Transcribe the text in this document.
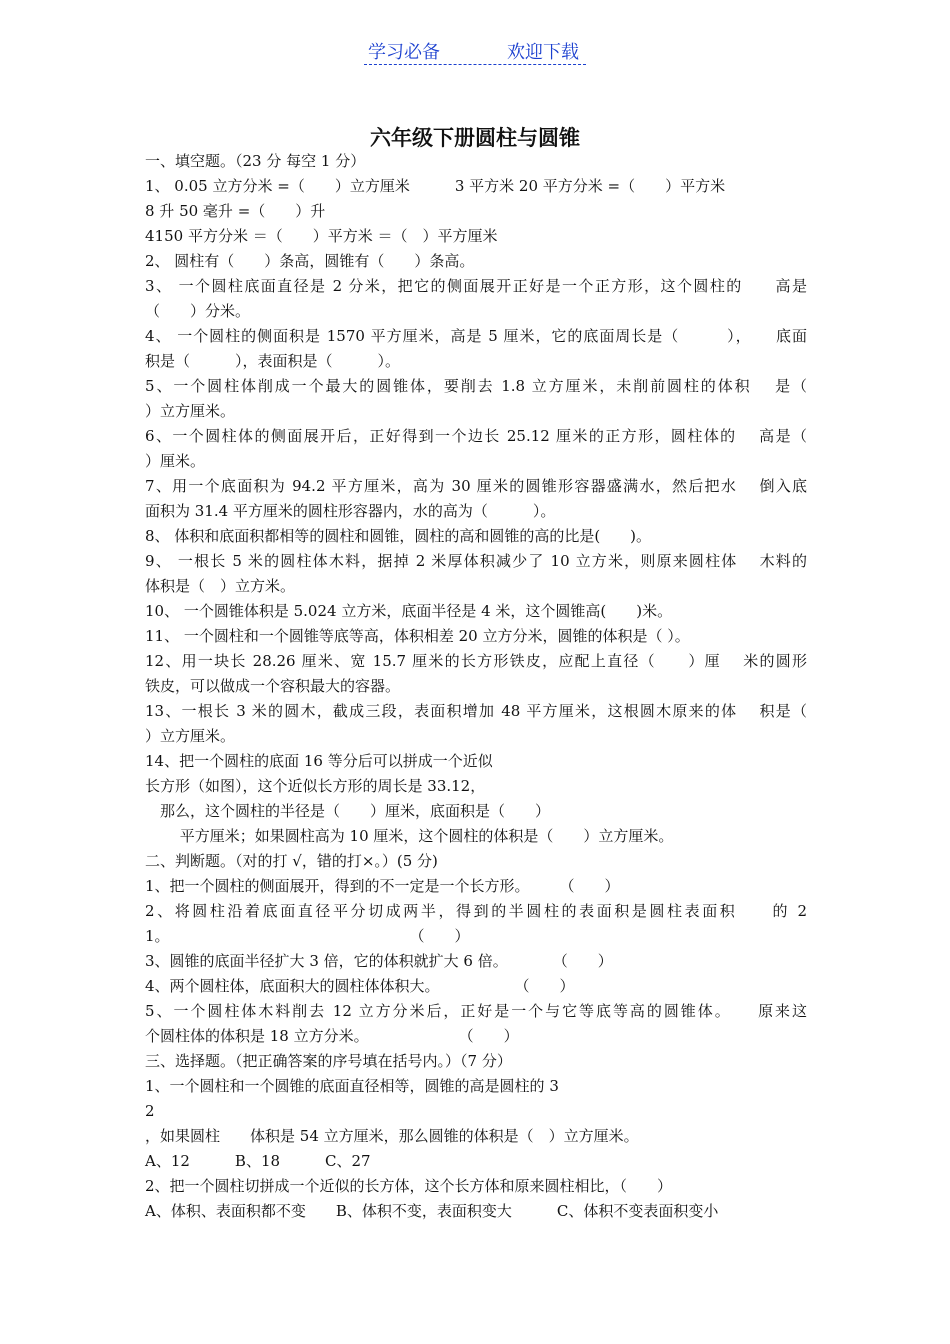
学习必备	欢迎下载
六年级下册圆柱与圆锥
一、填空题。（23 分 每空 1 分）
1、 0.05 立方分米 =（　　）立方厘米　　　3 平方米 20 平方分米 =（　　）平方米
8 升 50 毫升 =（　　）升
4150 平方分米 ＝（　　）平方米 ＝（　）平方厘米
2、 圆柱有（　　）条高，圆锥有（　　）条高。
3、 一个圆柱底面直径是 2 分米，把它的侧面展开正好是一个正方形，这个圆柱的　　高是
（　　）分米。
4、 一个圆柱的侧面积是 1570 平方厘米，高是 5 厘米，它的底面周长是（　　　），　　底面
积是（　　　），表面积是（　　　）。
5、一个圆柱体削成一个最大的圆锥体，要削去 1.8 立方厘米，未削前圆柱的体积　 是（
）立方厘米。
6、一个圆柱体的侧面展开后，正好得到一个边长 25.12 厘米的正方形，圆柱体的　 高是（
）厘米。
7、用一个底面积为 94.2 平方厘米，高为 30 厘米的圆锥形容器盛满水，然后把水　 倒入底
面积为 31.4 平方厘米的圆柱形容器内，水的高为（　　　）。
8、 体积和底面积都相等的圆柱和圆锥，圆柱的高和圆锥的高的比是(　　)。
9、 一根长 5 米的圆柱体木料，据掉 2 米厚体积减少了 10 立方米，则原来圆柱体　 木料的
体积是（　）立方米。
10、 一个圆锥体积是 5.024 立方米，底面半径是 4 米，这个圆锥高(　　)米。
11、 一个圆柱和一个圆锥等底等高，体积相差 20 立方分米，圆锥的体积是（ ）。
12、用一块长 28.26 厘米、宽 15.7 厘米的长方形铁皮，应配上直径（　　）厘　 米的圆形
铁皮，可以做成一个容积最大的容器。
13、一根长 3 米的圆木，截成三段，表面积增加 48 平方厘米，这根圆木原来的体　 积是（
）立方厘米。
14、把一个圆柱的底面 16 等分后可以拼成一个近似
长方形（如图），这个近似长方形的周长是 33.12，
　那么，这个圆柱的半径是（　　）厘米，底面积是（　　）
　　 平方厘米；如果圆柱高为 10 厘米，这个圆柱的体积是（　　）立方厘米。
二、判断题。（对的打 √，错的打×。）(5 分)
1、把一个圆柱的侧面展开，得到的不一定是一个长方形。　　　（　　）
2、将圆柱沿着底面直径平分切成两半，得到的半圆柱的表面积是圆柱表面积　　的 2
1。　　　　　　　　　　　　　　　　　（　　）
3、圆锥的底面半径扩大 3 倍，它的体积就扩大 6 倍。　　　　（　　）
4、两个圆柱体，底面积大的圆柱体体积大。　　　　　　（　　）
5、一个圆柱体木料削去 12 立方分米后，正好是一个与它等底等高的圆锥体。　　原来这
个圆柱体的体积是 18 立方分米。　　　　　　　（　　）
三、选择题。（把正确答案的序号填在括号内。）（7 分）
1、一个圆柱和一个圆锥的底面直径相等，圆锥的高是圆柱的 3
2
，如果圆柱　　体积是 54 立方厘米，那么圆锥的体积是（　）立方厘米。
A、12　　　B、18　　　C、27
2、把一个圆柱切拼成一个近似的长方体，这个长方体和原来圆柱相比，（　　）
A、体积、表面积都不变　　B、体积不变，表面积变大　　　C、体积不变表面积变小
